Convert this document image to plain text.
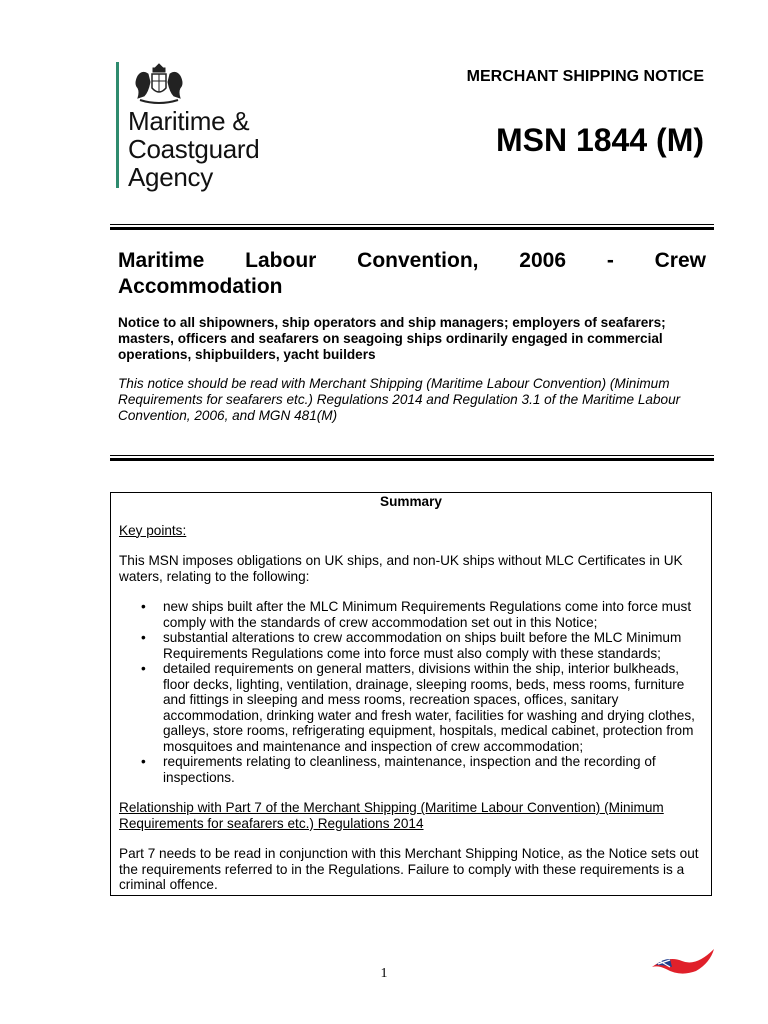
Maritime &
Coastguard
Agency
MERCHANT SHIPPING NOTICE
MSN 1844 (M)
Maritime Labour Convention, 2006 - Crew
Accommodation
Notice to all shipowners, ship operators and ship managers; employers of seafarers; masters, officers and seafarers on seagoing ships ordinarily engaged in commercial operations, shipbuilders, yacht builders
This notice should be read with Merchant Shipping (Maritime Labour Convention) (Minimum Requirements for seafarers etc.) Regulations 2014 and Regulation 3.1 of the Maritime Labour Convention, 2006, and MGN 481(M)
Summary
Key points:
This MSN imposes obligations on UK ships, and non-UK ships without MLC Certificates in UK waters, relating to the following:
• new ships built after the MLC Minimum Requirements Regulations come into force must comply with the standards of crew accommodation set out in this Notice;
• substantial alterations to crew accommodation on ships built before the MLC Minimum Requirements Regulations come into force must also comply with these standards;
• detailed requirements on general matters, divisions within the ship, interior bulkheads, floor decks, lighting, ventilation, drainage, sleeping rooms, beds, mess rooms, furniture and fittings in sleeping and mess rooms, recreation spaces, offices, sanitary accommodation, drinking water and fresh water, facilities for washing and drying clothes, galleys, store rooms, refrigerating equipment, hospitals, medical cabinet, protection from mosquitoes and maintenance and inspection of crew accommodation;
• requirements relating to cleanliness, maintenance, inspection and the recording of inspections.
Relationship with Part 7 of the Merchant Shipping (Maritime Labour Convention) (Minimum Requirements for seafarers etc.) Regulations 2014
Part 7 needs to be read in conjunction with this Merchant Shipping Notice, as the Notice sets out the requirements referred to in the Regulations. Failure to comply with these requirements is a criminal offence.
1
